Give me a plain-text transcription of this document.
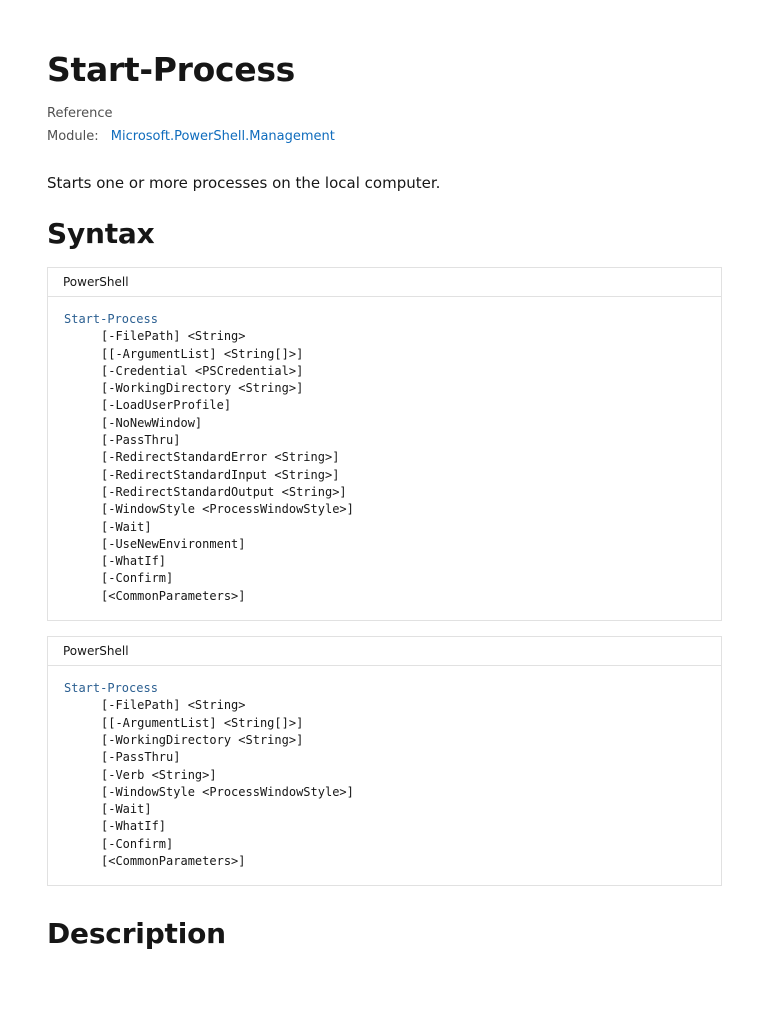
Start-Process
Reference
Module: Microsoft.PowerShell.Management
Starts one or more processes on the local computer.
Syntax
PowerShell
Start-Process
[-FilePath] <String>
[[-ArgumentList] <String[]>]
[-Credential <PSCredential>]
[-WorkingDirectory <String>]
[-LoadUserProfile]
[-NoNewWindow]
[-PassThru]
[-RedirectStandardError <String>]
[-RedirectStandardInput <String>]
[-RedirectStandardOutput <String>]
[-WindowStyle <ProcessWindowStyle>]
[-Wait]
[-UseNewEnvironment]
[-WhatIf]
[-Confirm]
[<CommonParameters>]
PowerShell
Start-Process
[-FilePath] <String>
[[-ArgumentList] <String[]>]
[-WorkingDirectory <String>]
[-PassThru]
[-Verb <String>]
[-WindowStyle <ProcessWindowStyle>]
[-Wait]
[-WhatIf]
[-Confirm]
[<CommonParameters>]
Description
